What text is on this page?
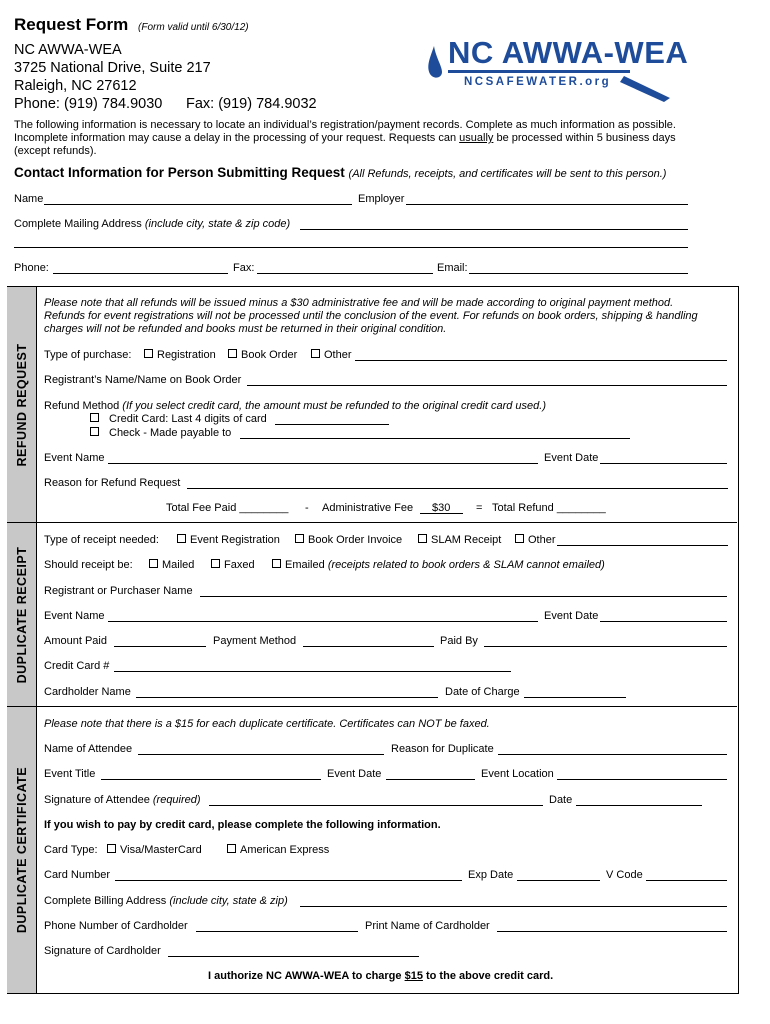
Request Form (Form valid until 6/30/12)
NC AWWA-WEA
3725 National Drive, Suite 217
Raleigh, NC 27612
Phone: (919) 784.9030 Fax: (919) 784.9032
NC AWWA-WEA
NCSAFEWATER.org
The following information is necessary to locate an individual’s registration/payment records. Complete as much information as possible.
Incomplete information may cause a delay in the processing of your request. Requests can usually be processed within 5 business days
(except refunds).
Contact Information for Person Submitting Request (All Refunds, receipts, and certificates will be sent to this person.)
Name	Employer
Complete Mailing Address (include city, state & zip code)
Phone:	Fax:	Email:
REFUND REQUEST
DUPLICATE RECEIPT
DUPLICATE CERTIFICATE
Please note that all refunds will be issued minus a $30 administrative fee and will be made according to original payment method.
Refunds for event registrations will not be processed until the conclusion of the event. For refunds on book orders, shipping & handling
charges will not be refunded and books must be returned in their original condition.
Type of purchase:	Registration	Book Order	Other
Registrant’s Name/Name on Book Order
Refund Method (If you select credit card, the amount must be refunded to the original credit card used.)
Credit Card: Last 4 digits of card
Check - Made payable to
Event Name	Event Date
Reason for Refund Request
Total Fee Paid ________ - Administrative Fee $30 = Total Refund ________
Type of receipt needed:	Event Registration	Book Order Invoice	SLAM Receipt	Other
Should receipt be:	Mailed	Faxed	Emailed (receipts related to book orders & SLAM cannot emailed)
Registrant or Purchaser Name
Event Name	Event Date
Amount Paid	Payment Method	Paid By
Credit Card #
Cardholder Name	Date of Charge
Please note that there is a $15 for each duplicate certificate. Certificates can NOT be faxed.
Name of Attendee	Reason for Duplicate
Event Title	Event Date	Event Location
Signature of Attendee (required)	Date
If you wish to pay by credit card, please complete the following information.
Card Type:	Visa/MasterCard	American Express
Card Number	Exp Date	V Code
Complete Billing Address (include city, state & zip)
Phone Number of Cardholder	Print Name of Cardholder
Signature of Cardholder
I authorize NC AWWA-WEA to charge $15 to the above credit card.
